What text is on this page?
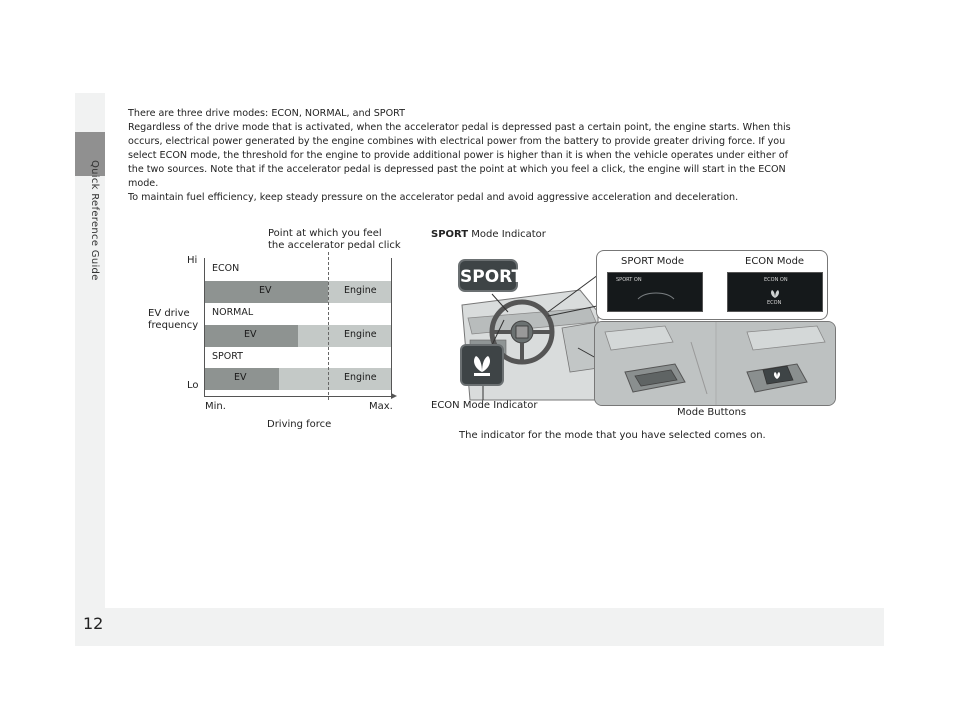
Quick Reference Guide
12

There are three drive modes: ECON, NORMAL, and SPORT
Regardless of the drive mode that is activated, when the accelerator pedal is depressed past a certain point, the engine starts. When this
occurs, electrical power generated by the engine combines with electrical power from the battery to provide greater driving force. If you
select ECON mode, the threshold for the engine to provide additional power is higher than it is when the vehicle operates under either of
the two sources. Note that if the accelerator pedal is depressed past the point at which you feel a click, the engine will start in the ECON
mode.
To maintain fuel efficiency, keep steady pressure on the accelerator pedal and avoid aggressive acceleration and deceleration.

Point at which you feel
the accelerator pedal click
Hi
Lo
EV drive
frequency
ECON
EV	Engine
NORMAL
EV	Engine
SPORT
EV	Engine
Min.	Max.
Driving force
SPORT Mode Indicator
SPORT
ECON Mode Indicator
SPORT Mode	ECON Mode
SPORT ON	ECON ON
ECON
Mode Buttons
The indicator for the mode that you have selected comes on.
